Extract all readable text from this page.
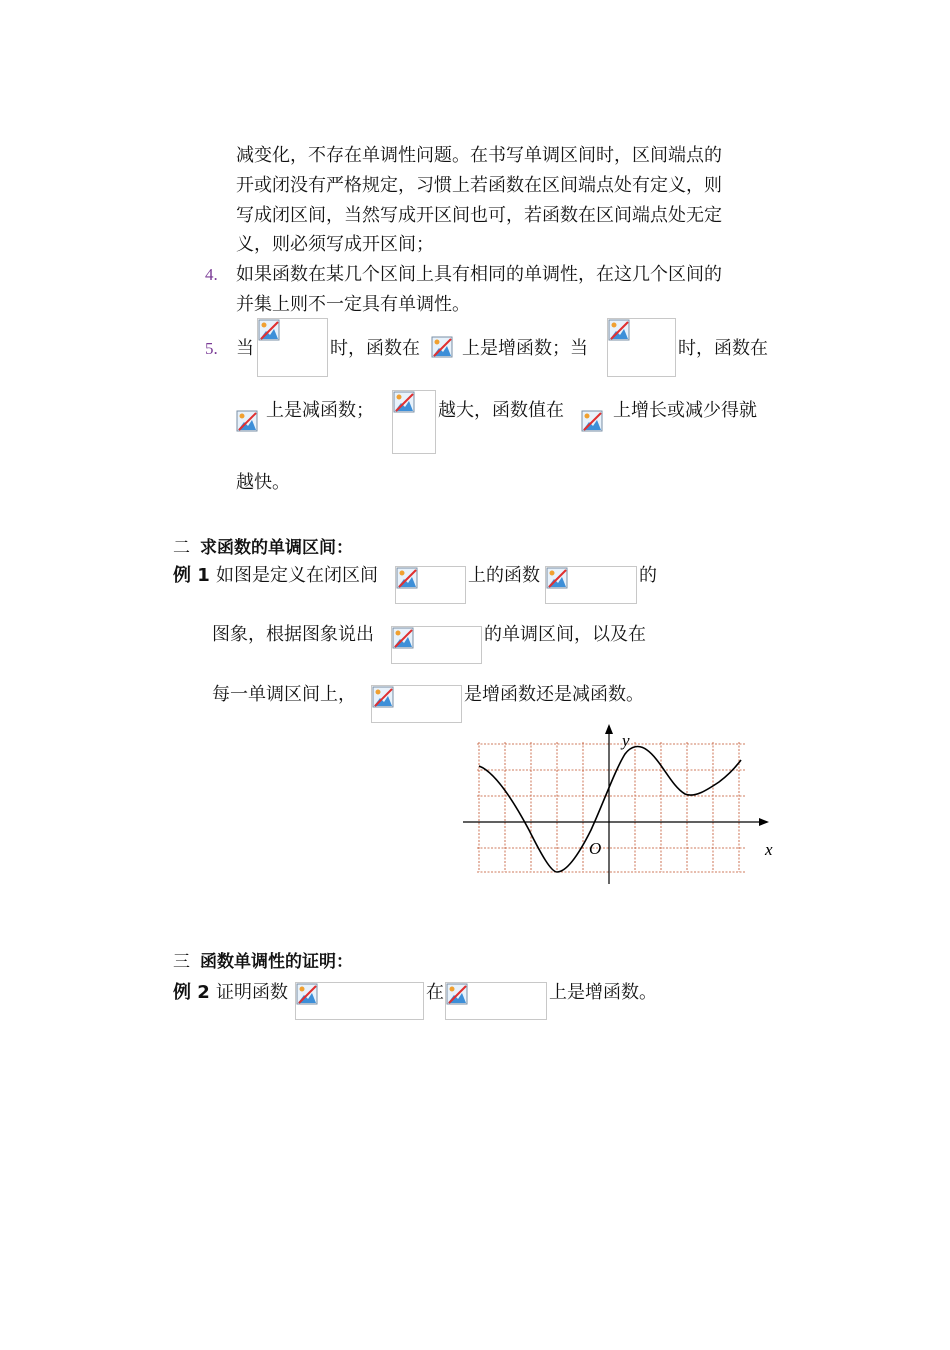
减变化，不存在单调性问题。在书写单调区间时，区间端点的
开或闭没有严格规定，习惯上若函数在区间端点处有定义，则
写成闭区间，当然写成开区间也可，若函数在区间端点处无定
义，则必须写成开区间；
4. 如果函数在某几个区间上具有相同的单调性，在这几个区间的
并集上则不一定具有单调性。
5. 当	时，函数在 上是增函数；当	时，函数在
上是减函数；	越大，函数值在	上增长或减少得就
越快。
二 求函数的单调区间：
例 1 如图是定义在闭区间	上的函数	的
图象，根据图象说出	的单调区间，以及在
每一单调区间上，	是增函数还是减函数。
y
x
O
三 函数单调性的证明：
例 2 证明函数	在	上是增函数。
